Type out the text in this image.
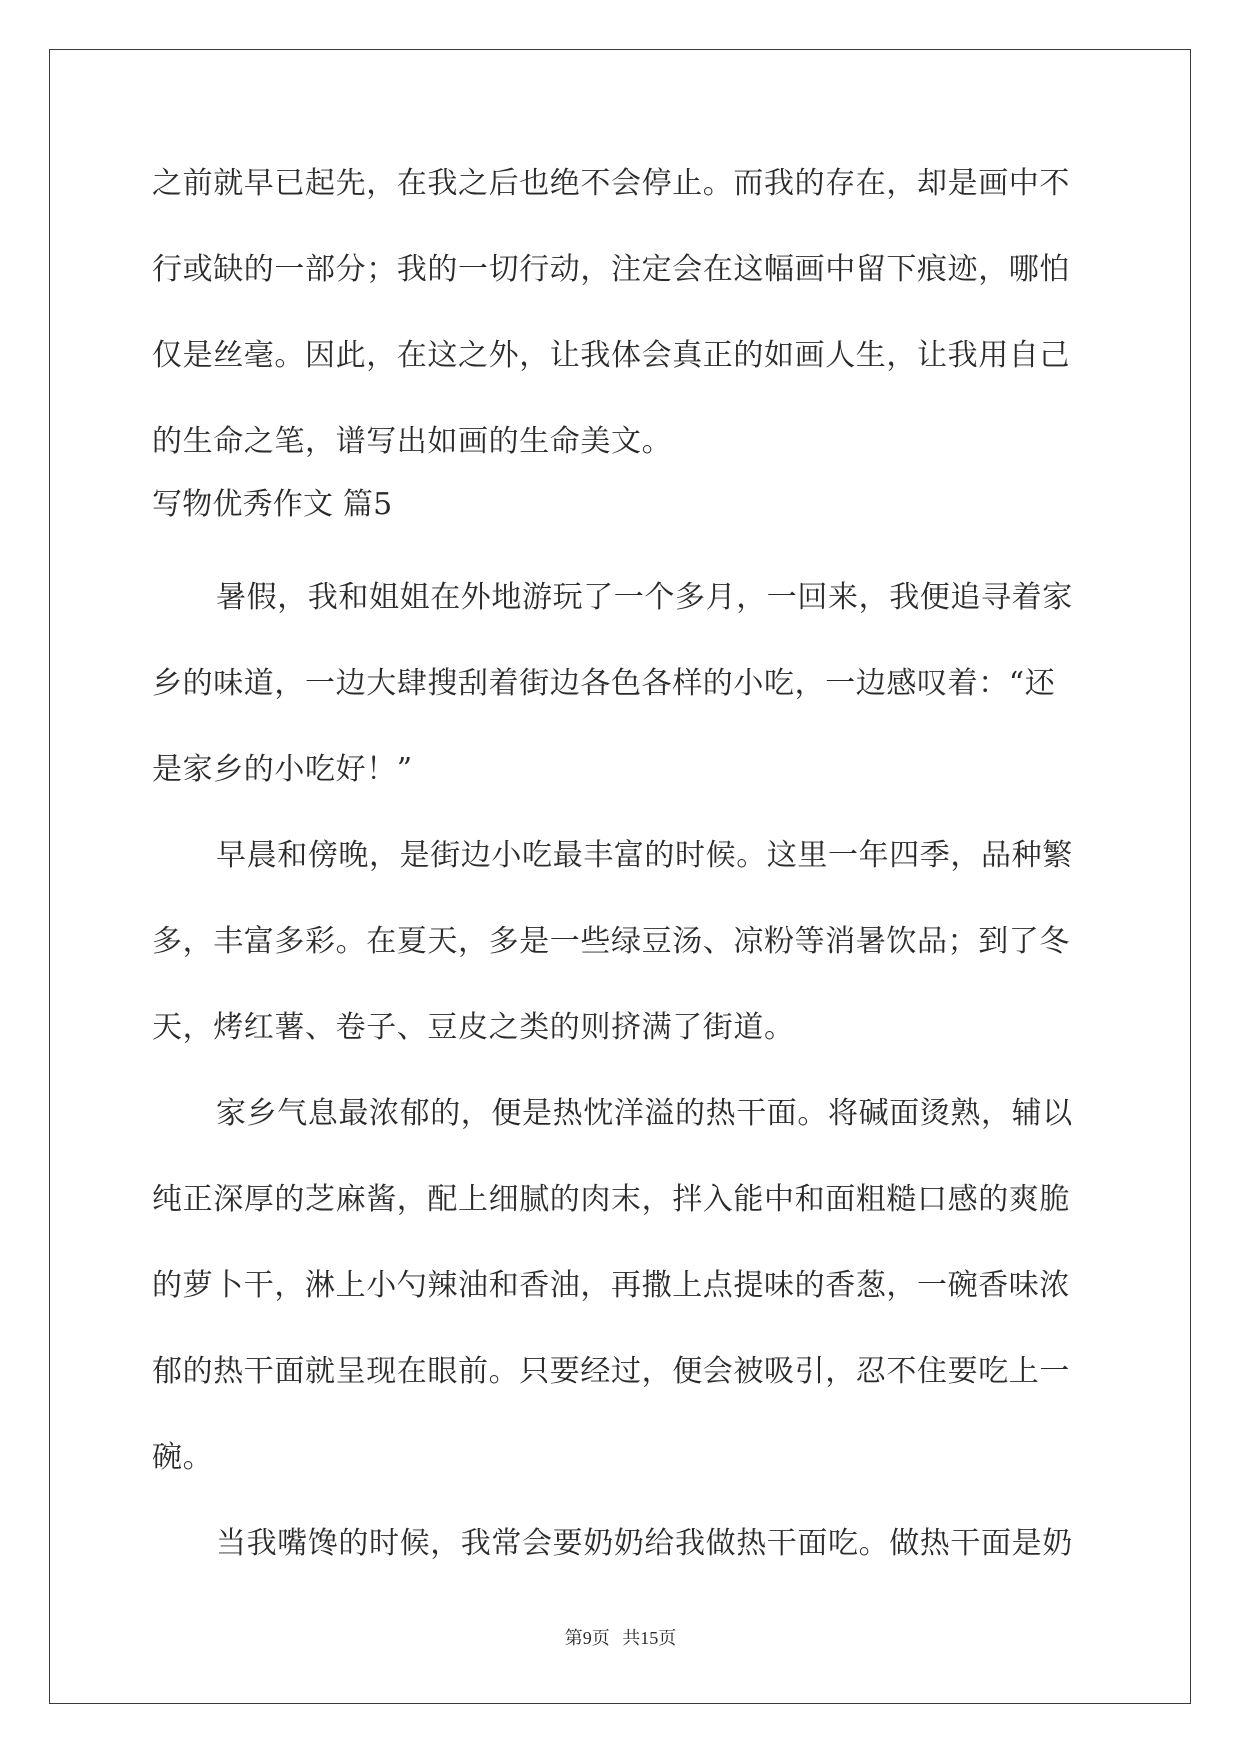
之前就早已起先，在我之后也绝不会停止。而我的存在，却是画中不
行或缺的一部分；我的一切行动，注定会在这幅画中留下痕迹，哪怕
仅是丝毫。因此，在这之外，让我体会真正的如画人生，让我用自己
的生命之笔，谱写出如画的生命美文。
写物优秀作文 篇5
暑假，我和姐姐在外地游玩了一个多月，一回来，我便追寻着家
乡的味道，一边大肆搜刮着街边各色各样的小吃，一边感叹着：“还
是家乡的小吃好！”
早晨和傍晚，是街边小吃最丰富的时候。这里一年四季，品种繁
多，丰富多彩。在夏天，多是一些绿豆汤、凉粉等消暑饮品；到了冬
天，烤红薯、卷子、豆皮之类的则挤满了街道。
家乡气息最浓郁的，便是热忱洋溢的热干面。将碱面烫熟，辅以
纯正深厚的芝麻酱，配上细腻的肉末，拌入能中和面粗糙口感的爽脆
的萝卜干，淋上小勺辣油和香油，再撒上点提味的香葱，一碗香味浓
郁的热干面就呈现在眼前。只要经过，便会被吸引，忍不住要吃上一
碗。
当我嘴馋的时候，我常会要奶奶给我做热干面吃。做热干面是奶
第9页 共15页
